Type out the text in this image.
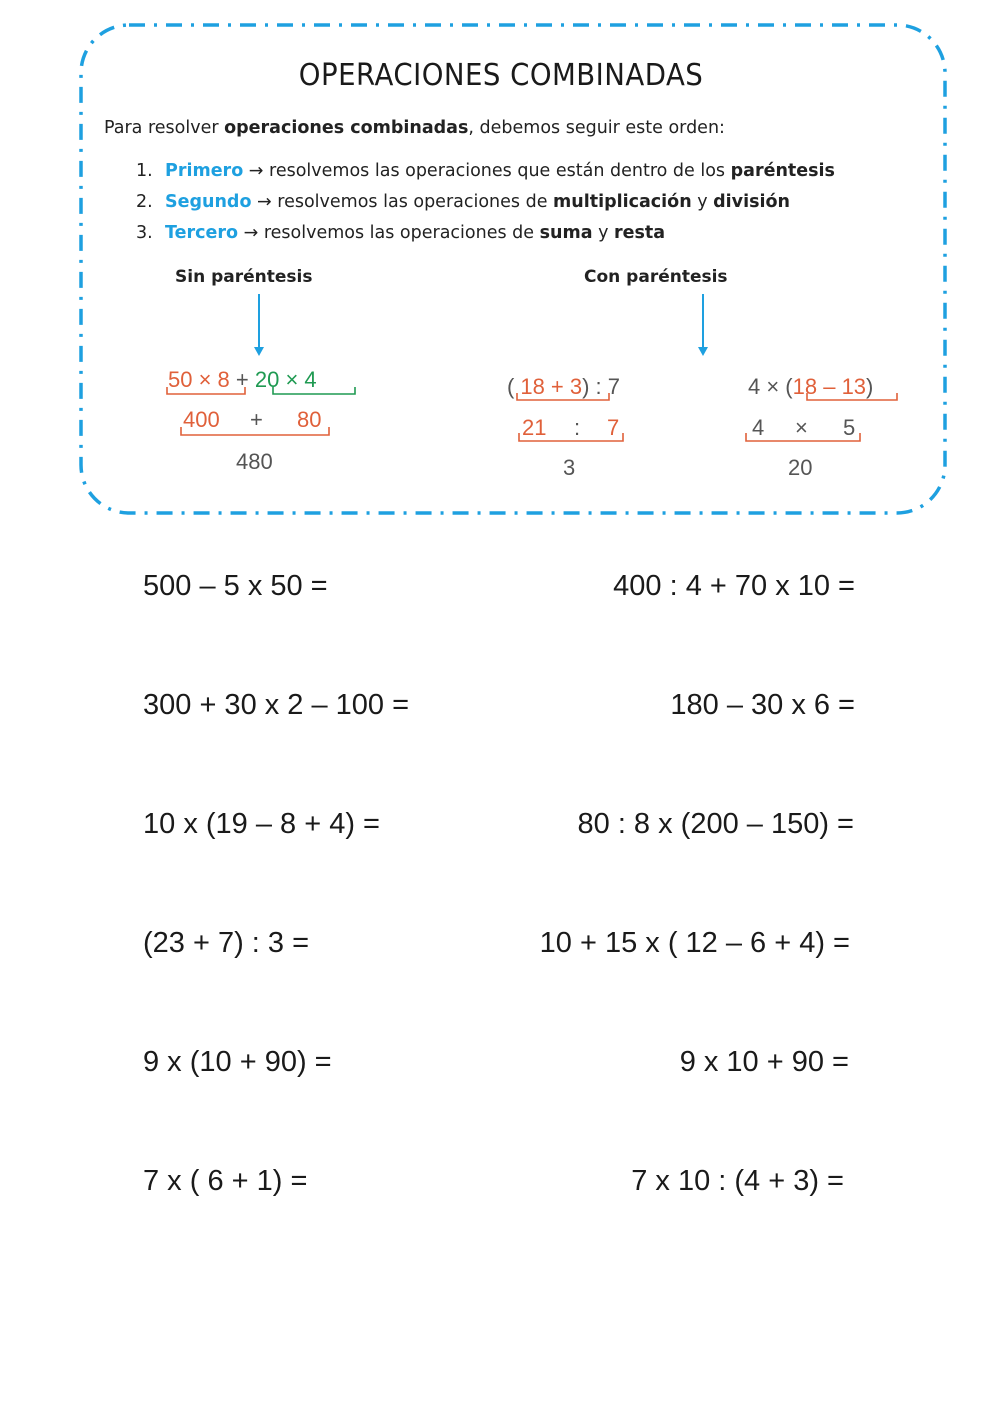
OPERACIONES COMBINADAS
Para resolver operaciones combinadas, debemos seguir este orden:
1. Primero → resolvemos las operaciones que están dentro de los paréntesis
2. Segundo → resolvemos las operaciones de multiplicación y división
3. Tercero → resolvemos las operaciones de suma y resta
Sin paréntesis	Con paréntesis
50 × 8 + 20 × 4
400 + 80
480
( 18 + 3) : 7
21 : 7
3
4 × (18 – 13)
4 × 5
20
500 – 5 x 50 =
300 + 30 x 2 – 100 =
10 x (19 – 8 + 4) =
(23 + 7) : 3 =
9 x (10 + 90) =
7 x ( 6 + 1) =
400 : 4 + 70 x 10 =
180 – 30 x 6 =
80 : 8 x (200 – 150) =
10 + 15 x ( 12 – 6 + 4) =
9 x 10 + 90 =
7 x 10 : (4 + 3) =
